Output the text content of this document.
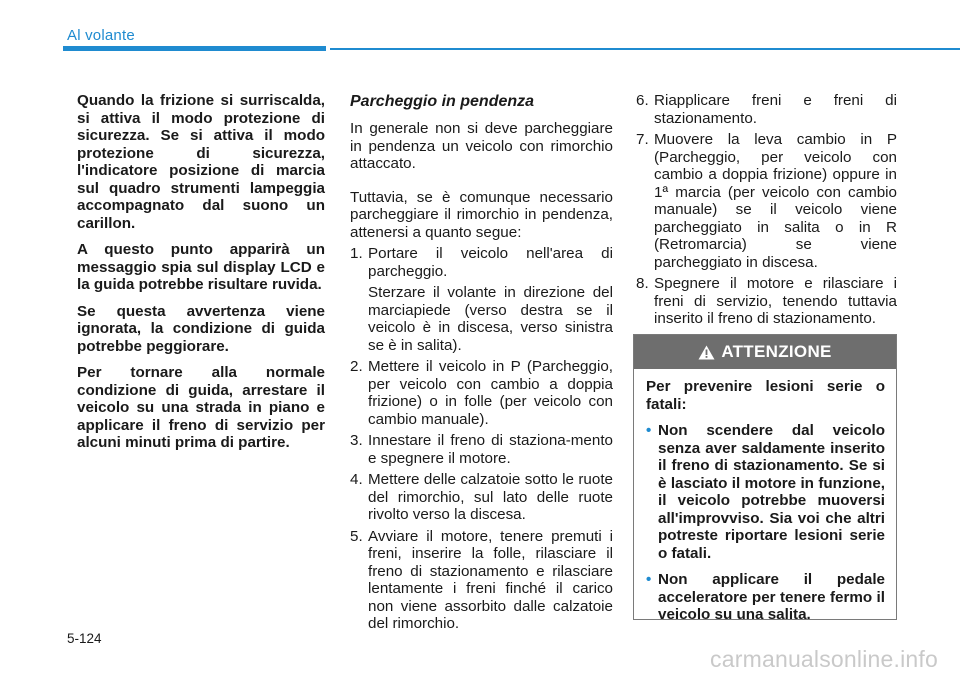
Al volante

Quando la frizione si surriscalda, si attiva il modo protezione di sicurezza. Se si attiva il modo protezione di sicurezza, l'indicatore posizione di marcia sul quadro strumenti lampeggia accompagnato dal suono un carillon.

A questo punto apparirà un messaggio spia sul display LCD e la guida potrebbe risultare ruvida.

Se questa avvertenza viene ignorata, la condizione di guida potrebbe peggiorare.

Per tornare alla normale condizione di guida, arrestare il veicolo su una strada in piano e applicare il freno di servizio per alcuni minuti prima di partire.

Parcheggio in pendenza

In generale non si deve parcheggiare in pendenza un veicolo con rimorchio attaccato.

Tuttavia, se è comunque necessario parcheggiare il rimorchio in pendenza, attenersi a quanto segue:

1. Portare il veicolo nell'area di parcheggio.
Sterzare il volante in direzione del marciapiede (verso destra se il veicolo è in discesa, verso sinistra se è in salita).
2. Mettere il veicolo in P (Parcheggio, per veicolo con cambio a doppia frizione) o in folle (per veicolo con cambio manuale).
3. Innestare il freno di staziona-mento e spegnere il motore.
4. Mettere delle calzatoie sotto le ruote del rimorchio, sul lato delle ruote rivolto verso la discesa.
5. Avviare il motore, tenere premuti i freni, inserire la folle, rilasciare il freno di stazionamento e rilasciare lentamente i freni finché il carico non viene assorbito dalle calzatoie del rimorchio.
6. Riapplicare freni e freni di stazionamento.
7. Muovere la leva cambio in P (Parcheggio, per veicolo con cambio a doppia frizione) oppure in 1ª marcia (per veicolo con cambio manuale) se il veicolo viene parcheggiato in salita o in R (Retromarcia) se viene parcheggiato in discesa.
8. Spegnere il motore e rilasciare i freni di servizio, tenendo tuttavia inserito il freno di stazionamento.
ATTENZIONE

Per prevenire lesioni serie o fatali:

• Non scendere dal veicolo senza aver saldamente inserito il freno di stazionamento. Se si è lasciato il motore in funzione, il veicolo potrebbe muoversi all'improvviso. Sia voi che altri potreste riportare lesioni serie o fatali.
• Non applicare il pedale acceleratore per tenere fermo il veicolo su una salita.
5-124
carmanualsonline.info
